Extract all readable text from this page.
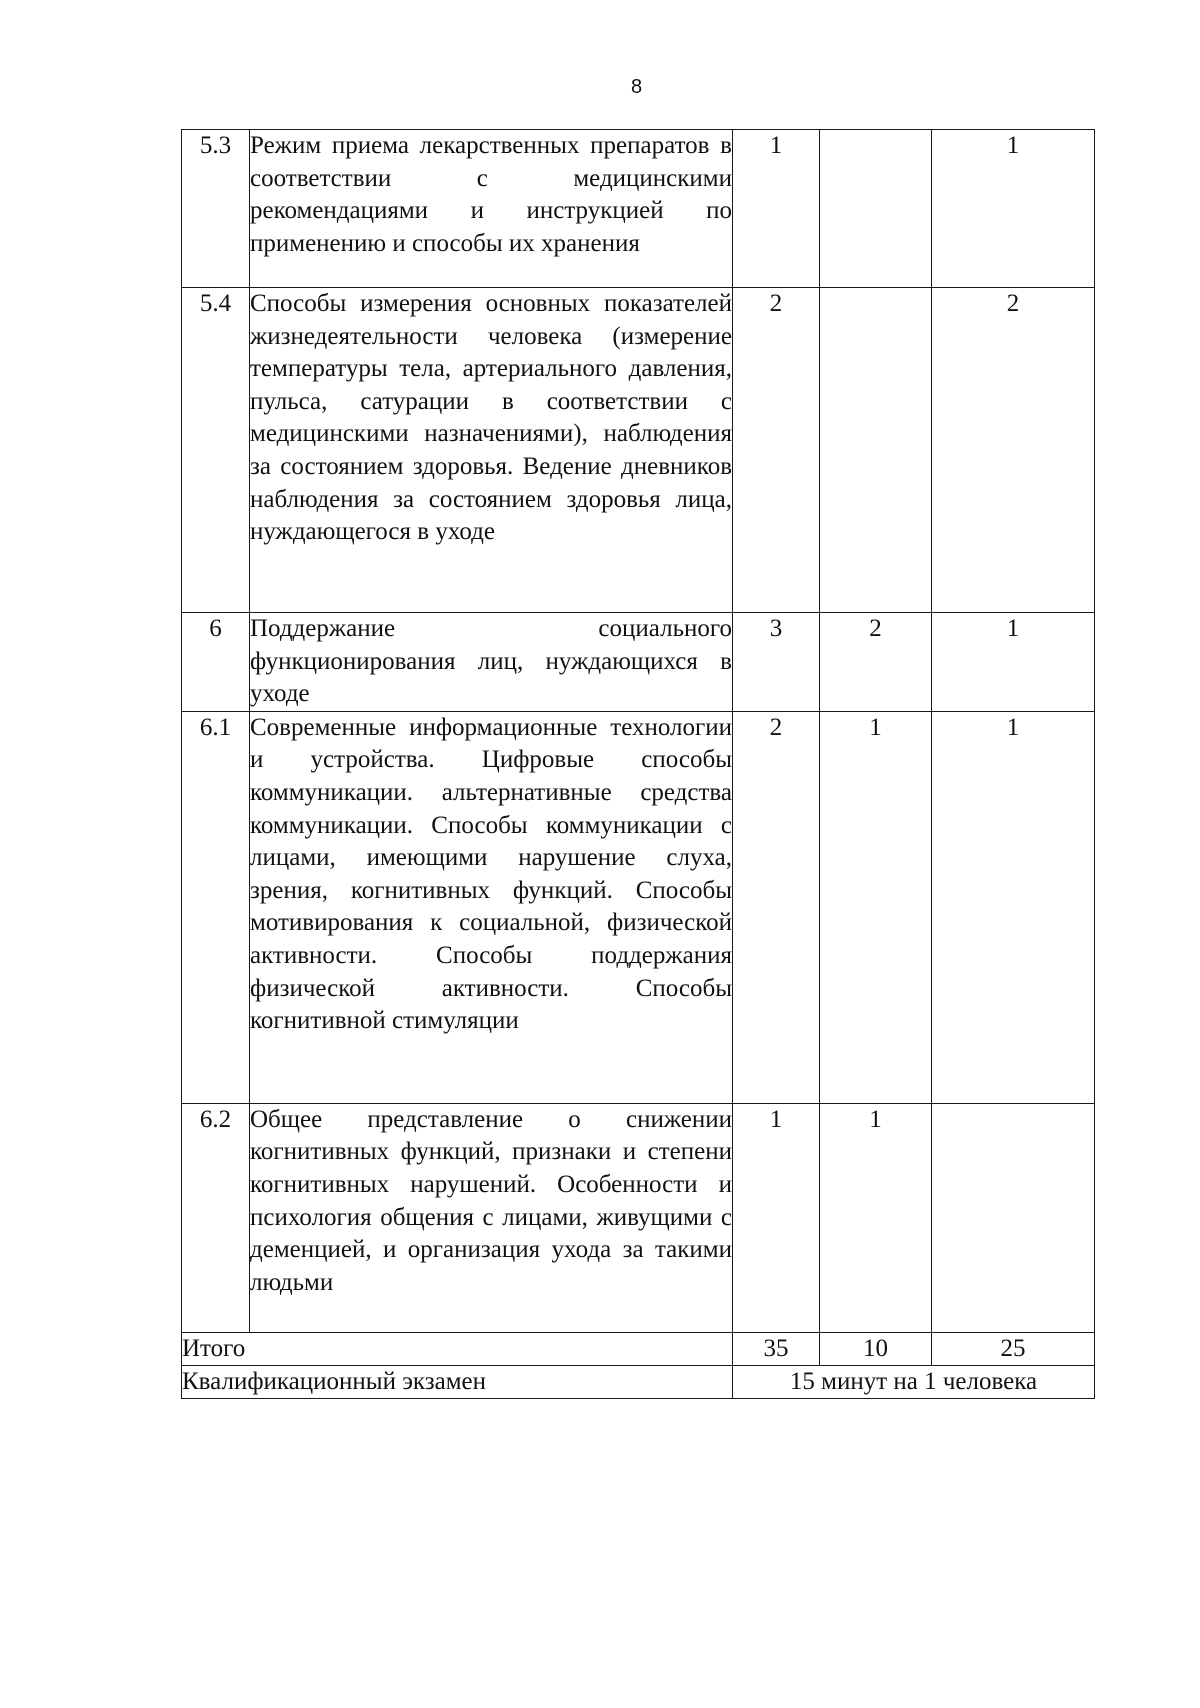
8
5.3	Режим приема лекарственных препаратов в соответствии с медицинскими рекомендациями и инструкцией по применению и способы их хранения	1		1
5.4	Способы измерения основных показателей жизнедеятельности человека (измерение температуры тела, артериального давления, пульса, сатурации в соответствии с медицинскими назначениями), наблюдения за состоянием здоровья. Ведение дневников наблюдения за состоянием здоровья лица, нуждающегося в уходе	2		2
6	Поддержание социального функционирования лиц, нуждающихся в уходе	3	2	1
6.1	Современные информационные технологии и устройства. Цифровые способы коммуникации. альтернативные средства коммуникации. Способы коммуникации с лицами, имеющими нарушение слуха, зрения, когнитивных функций. Способы мотивирования к социальной, физической активности. Способы поддержания физической активности. Способы когнитивной стимуляции	2	1	1
6.2	Общее представление о снижении когнитивных функций, признаки и степени когнитивных нарушений. Особенности и психология общения с лицами, живущими с деменцией, и организация ухода за такими людьми	1	1	
Итого		35	10	25
Квалификационный экзамен		15 минут на 1 человека		
